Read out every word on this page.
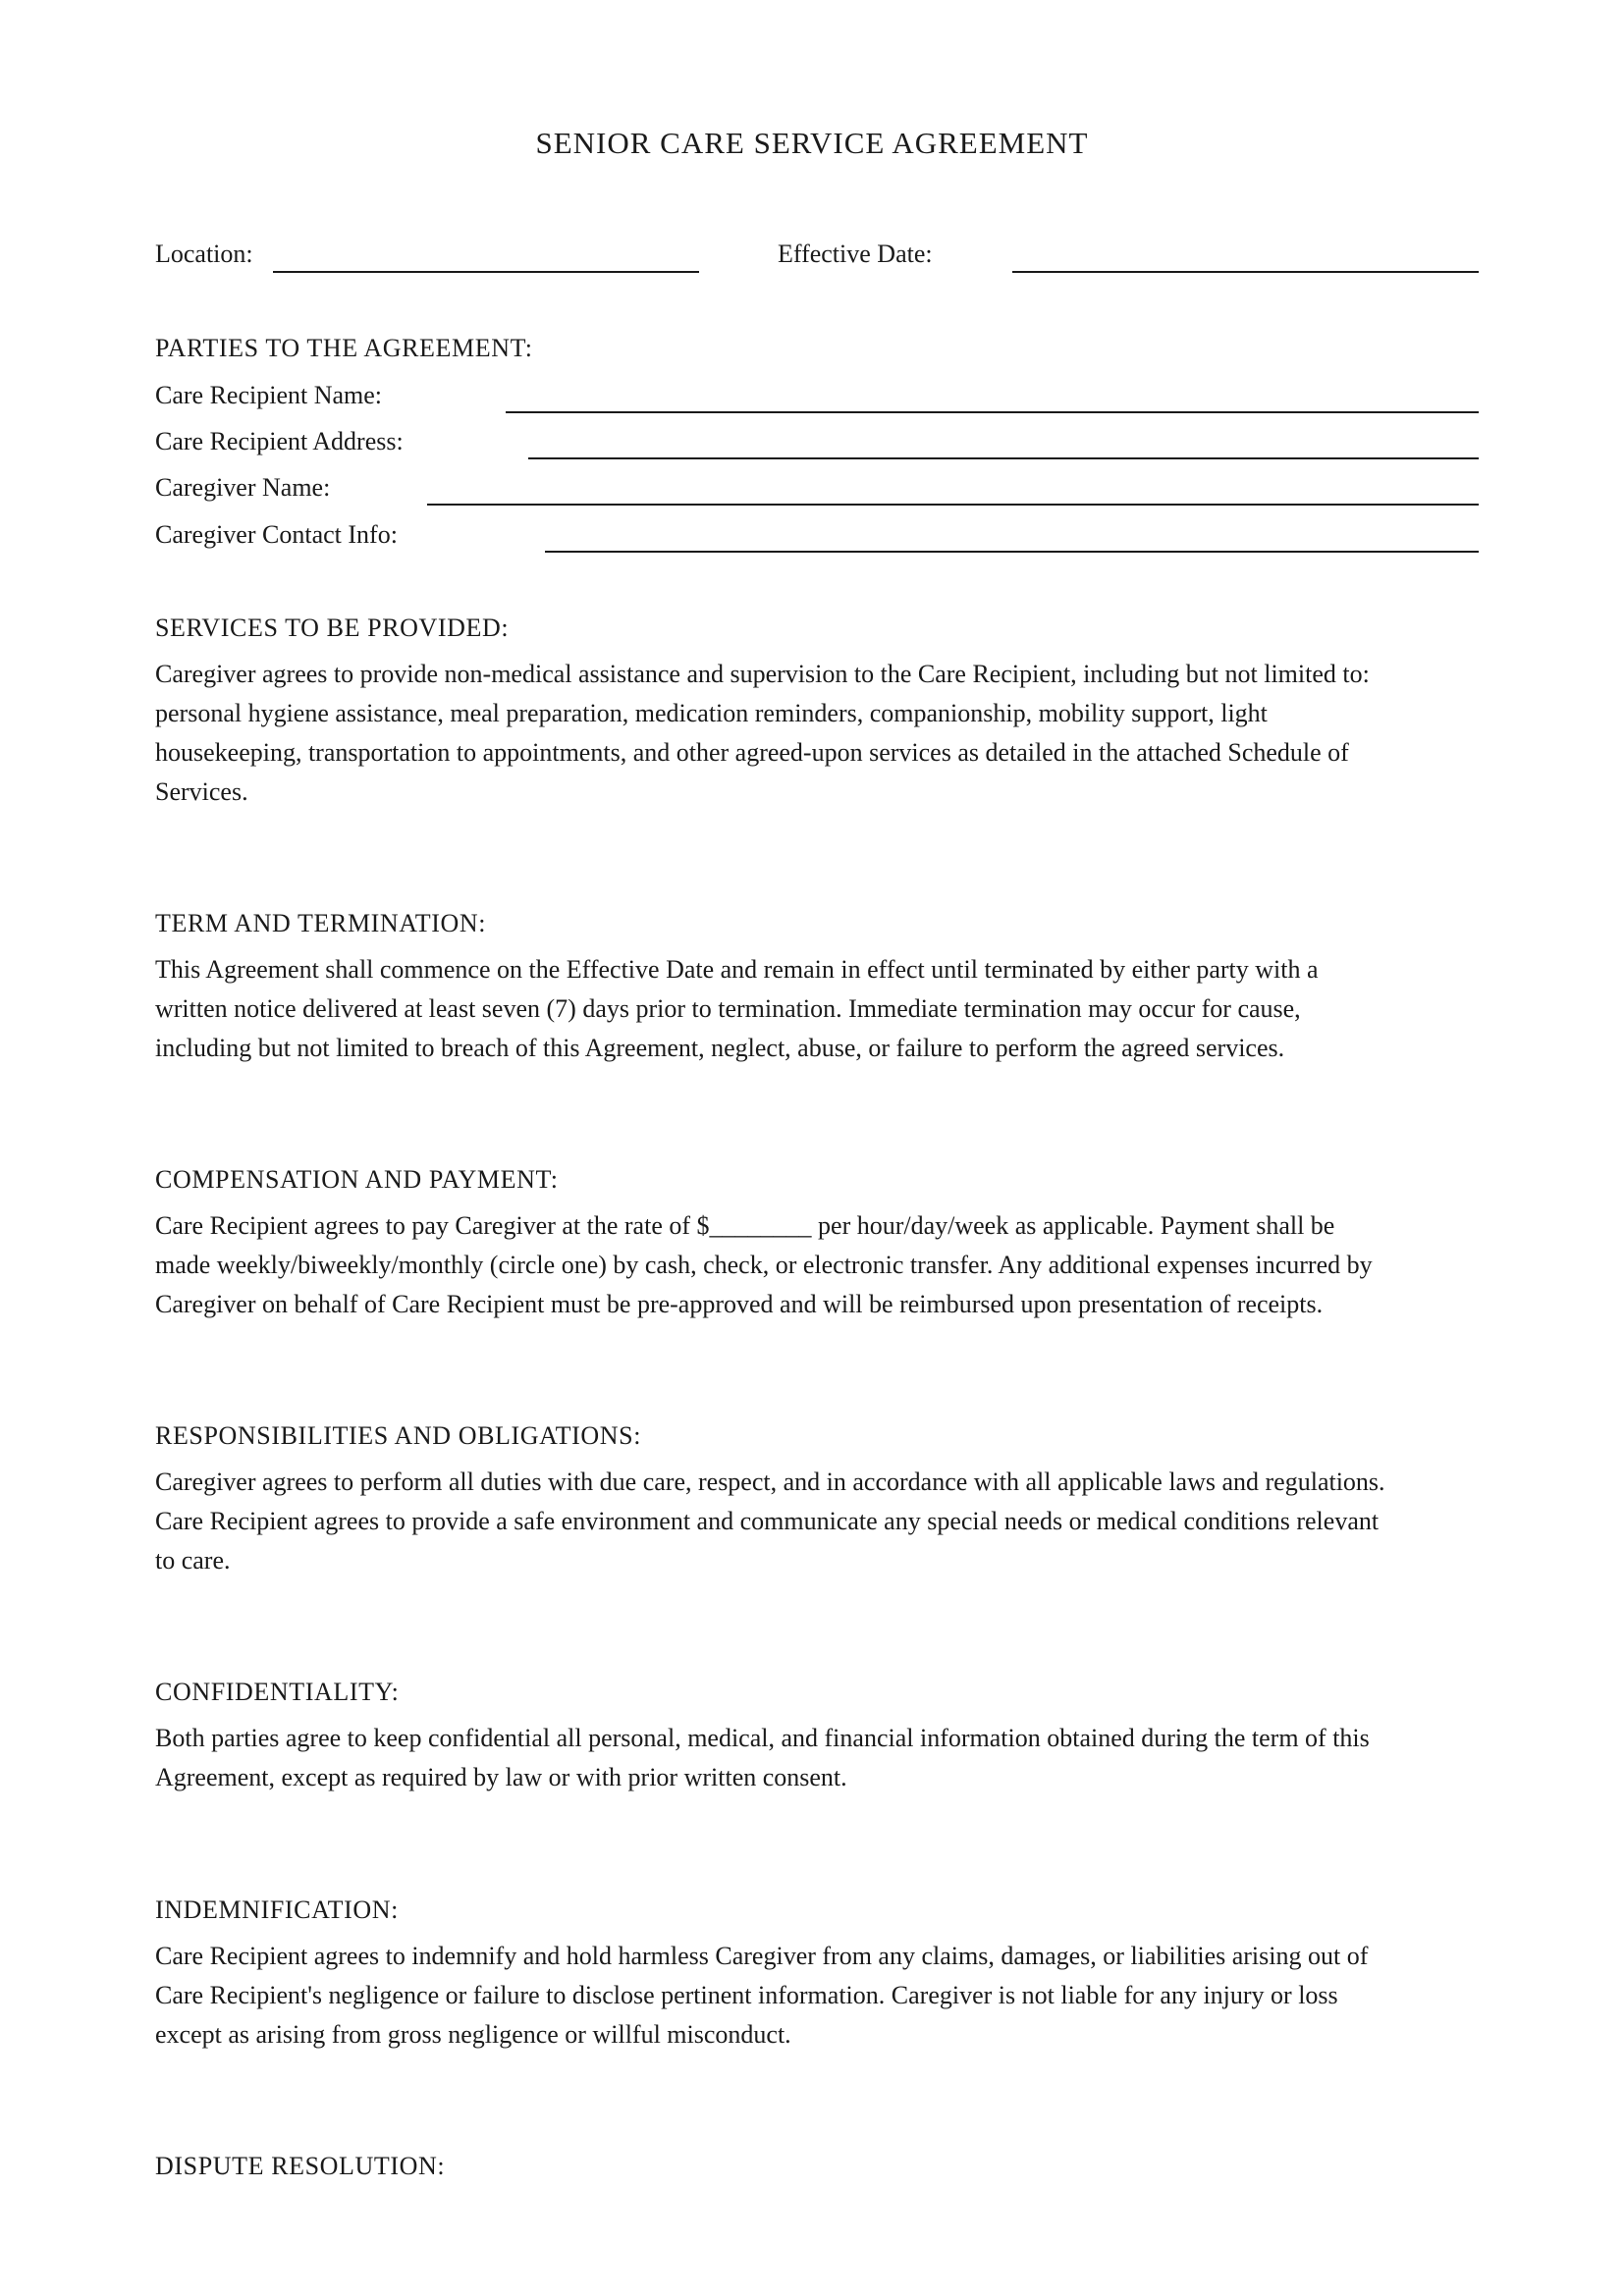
SENIOR CARE SERVICE AGREEMENT
Location:	Effective Date:
PARTIES TO THE AGREEMENT:
Care Recipient Name:
Care Recipient Address:
Caregiver Name:
Caregiver Contact Info:
SERVICES TO BE PROVIDED:
Caregiver agrees to provide non-medical assistance and supervision to the Care Recipient, including but not limited to:
personal hygiene assistance, meal preparation, medication reminders, companionship, mobility support, light
housekeeping, transportation to appointments, and other agreed-upon services as detailed in the attached Schedule of
Services.
TERM AND TERMINATION:
This Agreement shall commence on the Effective Date and remain in effect until terminated by either party with a
written notice delivered at least seven (7) days prior to termination. Immediate termination may occur for cause,
including but not limited to breach of this Agreement, neglect, abuse, or failure to perform the agreed services.
COMPENSATION AND PAYMENT:
Care Recipient agrees to pay Caregiver at the rate of $________ per hour/day/week as applicable. Payment shall be
made weekly/biweekly/monthly (circle one) by cash, check, or electronic transfer. Any additional expenses incurred by
Caregiver on behalf of Care Recipient must be pre-approved and will be reimbursed upon presentation of receipts.
RESPONSIBILITIES AND OBLIGATIONS:
Caregiver agrees to perform all duties with due care, respect, and in accordance with all applicable laws and regulations.
Care Recipient agrees to provide a safe environment and communicate any special needs or medical conditions relevant
to care.
CONFIDENTIALITY:
Both parties agree to keep confidential all personal, medical, and financial information obtained during the term of this
Agreement, except as required by law or with prior written consent.
INDEMNIFICATION:
Care Recipient agrees to indemnify and hold harmless Caregiver from any claims, damages, or liabilities arising out of
Care Recipient's negligence or failure to disclose pertinent information. Caregiver is not liable for any injury or loss
except as arising from gross negligence or willful misconduct.
DISPUTE RESOLUTION:
